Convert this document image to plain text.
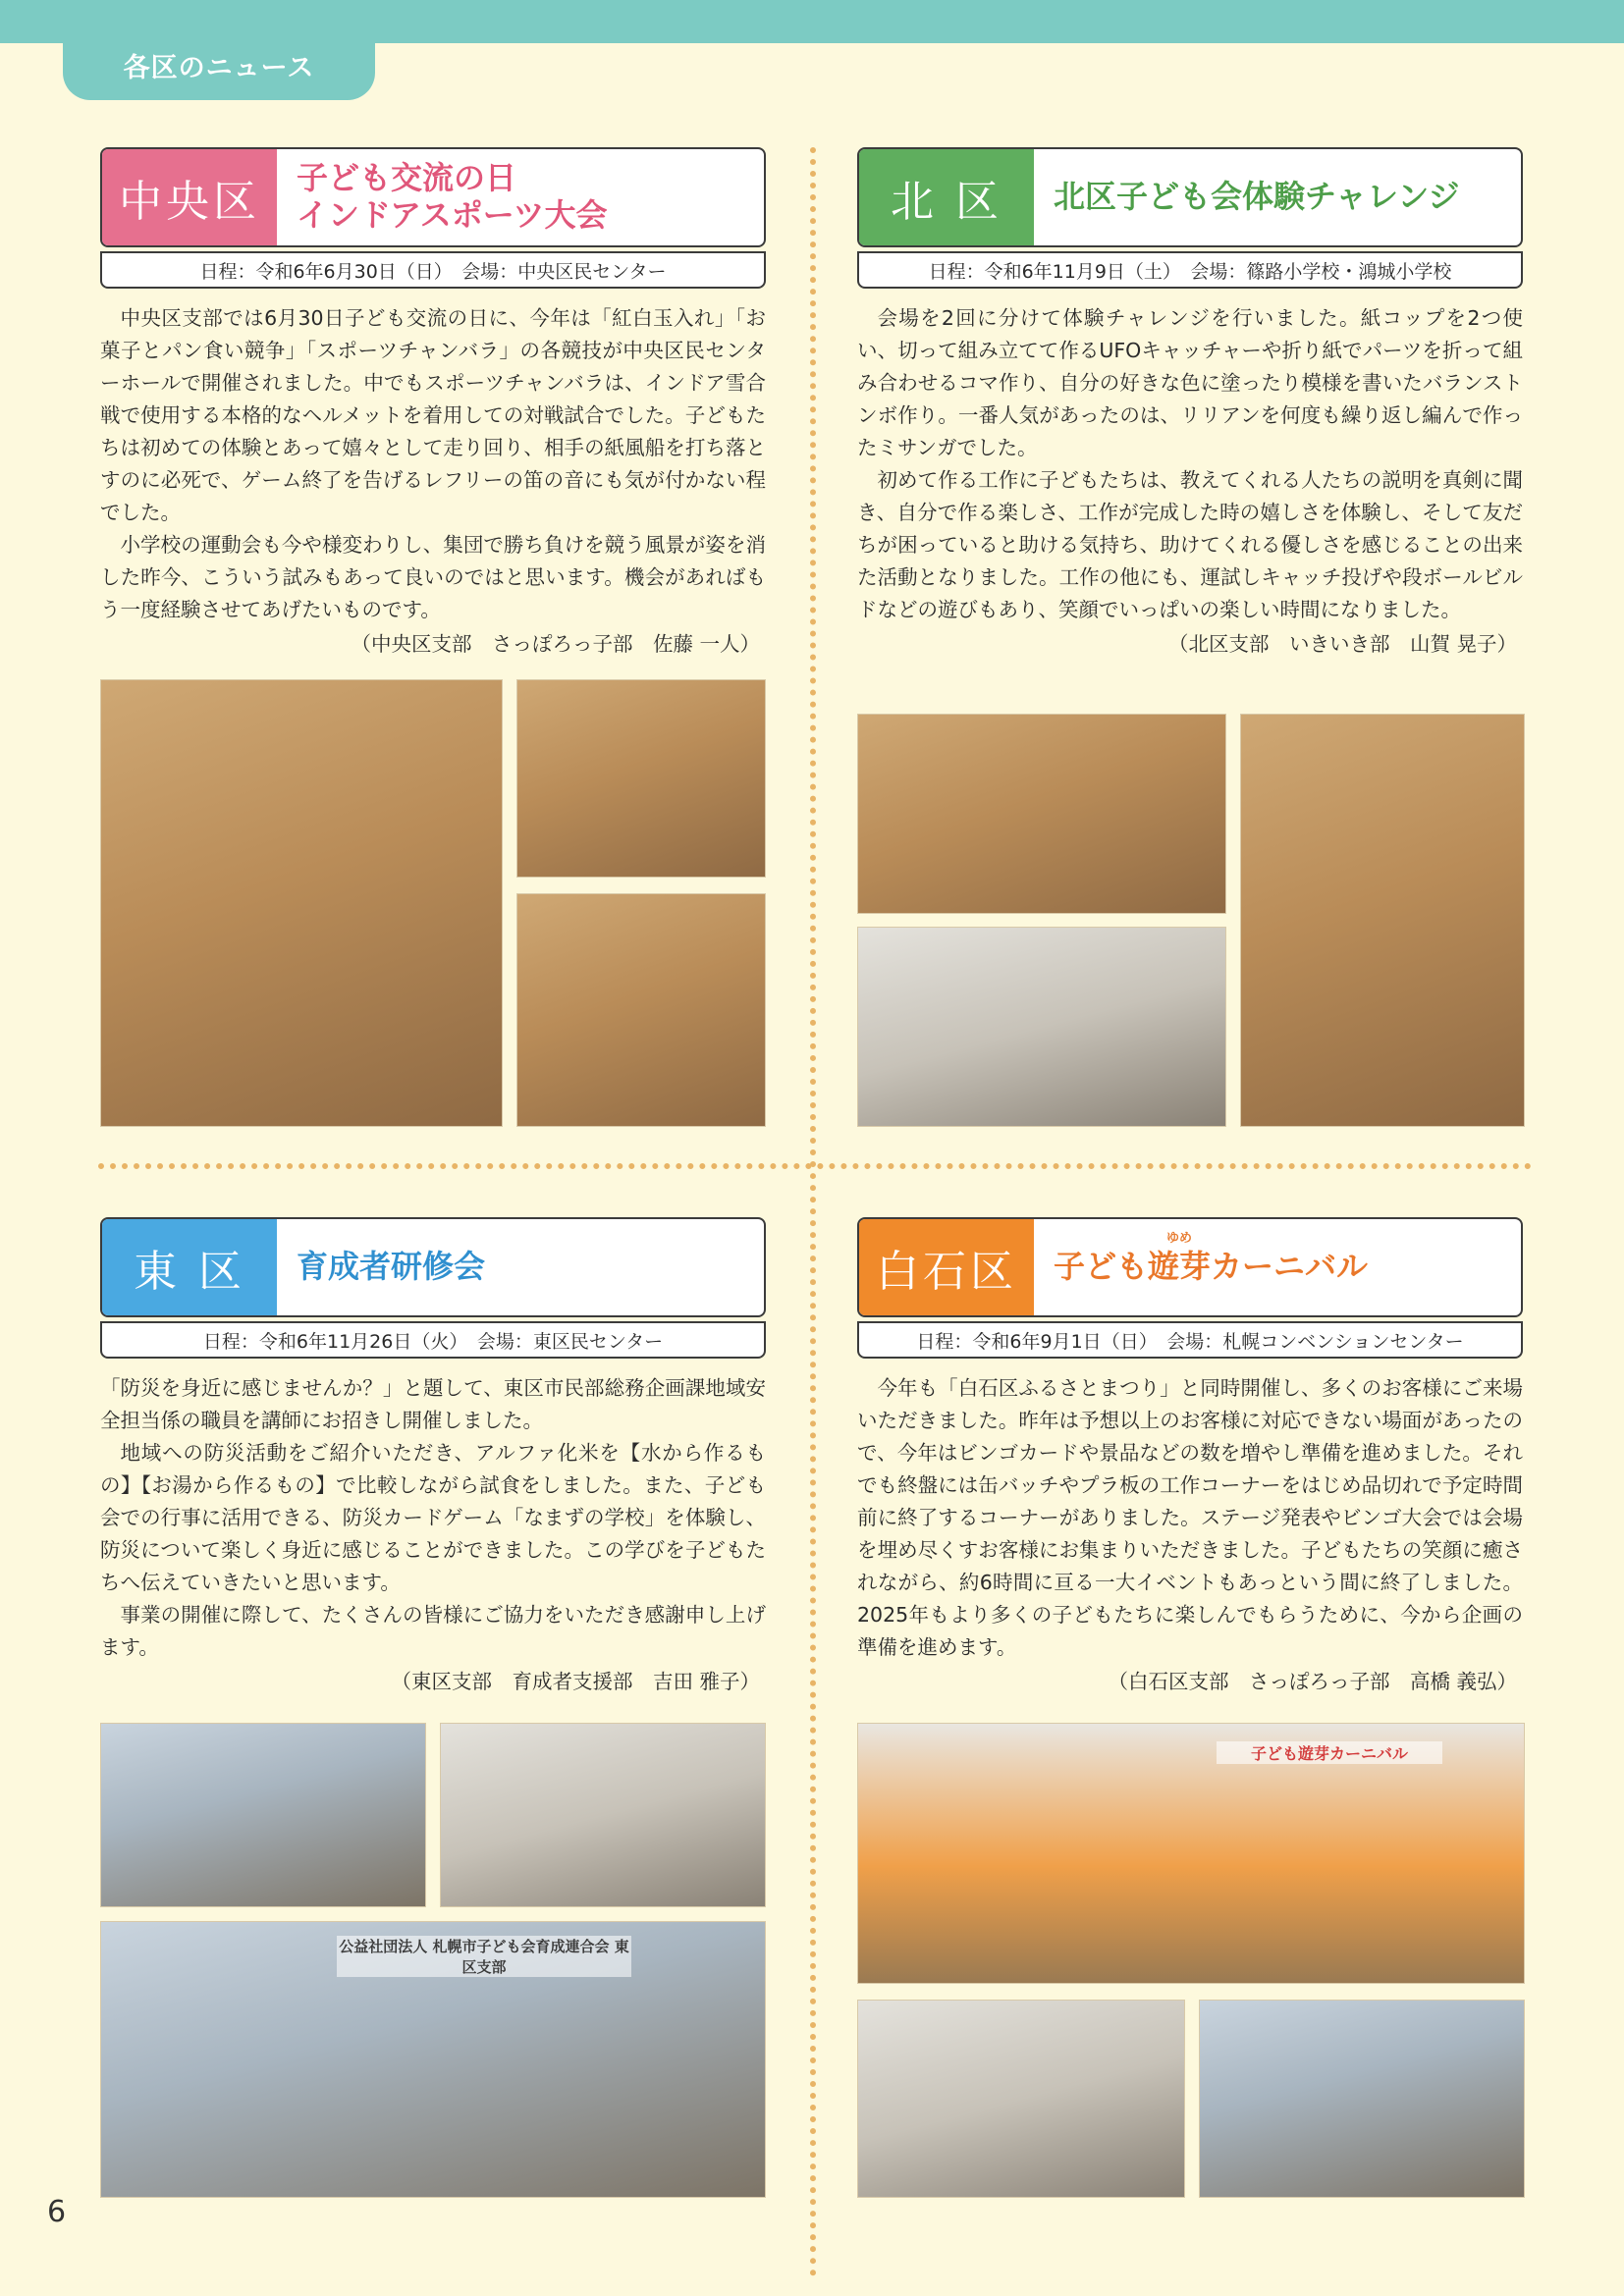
各区のニュース
中央区	子ども交流の日
インドアスポーツ大会
日程：令和6年6月30日（日）　会場：中央区民センター

中央区支部では6月30日子ども交流の日に、今年は「紅白玉入れ」「お菓子とパン食い競争」「スポーツチャンバラ」の各競技が中央区民センターホールで開催されました。中でもスポーツチャンバラは、インドア雪合戦で使用する本格的なヘルメットを着用しての対戦試合でした。子どもたちは初めての体験とあって嬉々として走り回り、相手の紙風船を打ち落とすのに必死で、ゲーム終了を告げるレフリーの笛の音にも気が付かない程でした。

小学校の運動会も今や様変わりし、集団で勝ち負けを競う風景が姿を消した昨今、こういう試みもあって良いのではと思います。機会があればもう一度経験させてあげたいものです。

（中央区支部　さっぽろっ子部　佐藤 一人）
北 区	北区子ども会体験チャレンジ
日程：令和6年11月9日（土）　会場：篠路小学校・鴻城小学校

会場を2回に分けて体験チャレンジを行いました。紙コップを2つ使い、切って組み立てて作るUFOキャッチャーや折り紙でパーツを折って組み合わせるコマ作り、自分の好きな色に塗ったり模様を書いたバランストンボ作り。一番人気があったのは、リリアンを何度も繰り返し編んで作ったミサンガでした。

初めて作る工作に子どもたちは、教えてくれる人たちの説明を真剣に聞き、自分で作る楽しさ、工作が完成した時の嬉しさを体験し、そして友だちが困っていると助ける気持ち、助けてくれる優しさを感じることの出来た活動となりました。工作の他にも、運試しキャッチ投げや段ボールビルドなどの遊びもあり、笑顔でいっぱいの楽しい時間になりました。

（北区支部　いきいき部　山賀 晃子）
東 区	育成者研修会
日程：令和6年11月26日（火）　会場：東区民センター

「防災を身近に感じませんか？」と題して、東区市民部総務企画課地域安全担当係の職員を講師にお招きし開催しました。

地域への防災活動をご紹介いただき、アルファ化米を【水から作るもの】【お湯から作るもの】で比較しながら試食をしました。また、子ども会での行事に活用できる、防災カードゲーム「なまずの学校」を体験し、防災について楽しく身近に感じることができました。この学びを子どもたちへ伝えていきたいと思います。

事業の開催に際して、たくさんの皆様にご協力をいただき感謝申し上げます。

（東区支部　育成者支援部　吉田 雅子）
公益社団法人 札幌市子ども会育成連合会 東区支部
白石区	子ども
ゆめ
遊芽 カーニバル
日程：令和6年9月1日（日）　会場：札幌コンベンションセンター

今年も「白石区ふるさとまつり」と同時開催し、多くのお客様にご来場いただきました。昨年は予想以上のお客様に対応できない場面があったので、今年はビンゴカードや景品などの数を増やし準備を進めました。それでも終盤には缶バッチやプラ板の工作コーナーをはじめ品切れで予定時間前に終了するコーナーがありました。ステージ発表やビンゴ大会では会場を埋め尽くすお客様にお集まりいただきました。子どもたちの笑顔に癒されながら、約6時間に亘る一大イベントもあっという間に終了しました。2025年もより多くの子どもたちに楽しんでもらうために、今から企画の準備を進めます。

（白石区支部　さっぽろっ子部　高橋 義弘）
子ども遊芽カーニバル
6
